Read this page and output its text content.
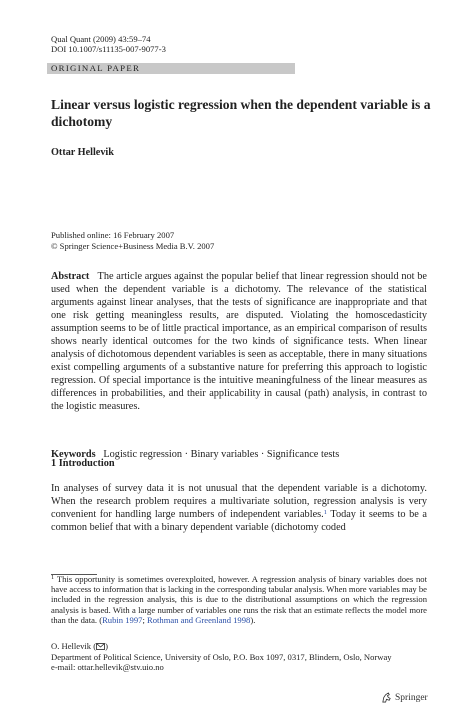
Qual Quant (2009) 43:59–74
DOI 10.1007/s11135-007-9077-3
ORIGINAL PAPER
Linear versus logistic regression when the dependent variable is a dichotomy
Ottar Hellevik
Published online: 16 February 2007
© Springer Science+Business Media B.V. 2007
Abstract The article argues against the popular belief that linear regression should not be used when the dependent variable is a dichotomy. The relevance of the statistical arguments against linear analyses, that the tests of significance are inappropriate and that one risk getting meaningless results, are disputed. Violating the homoscedasticity assumption seems to be of little practical importance, as an empirical comparison of results shows nearly identical outcomes for the two kinds of significance tests. When linear analysis of dichotomous dependent variables is seen as acceptable, there in many situations exist compelling arguments of a substantive nature for preferring this approach to logistic regression. Of special importance is the intuitive meaningfulness of the linear measures as differences in probabilities, and their applicability in causal (path) analysis, in contrast to the logistic measures.
Keywords Logistic regression · Binary variables · Significance tests
1 Introduction
In analyses of survey data it is not unusual that the dependent variable is a dichotomy. When the research problem requires a multivariate solution, regression analysis is very convenient for handling large numbers of independent variables.$^1$ Today it seems to be a common belief that with a binary dependent variable (dichotomy coded
$^1$ This opportunity is sometimes overexploited, however. A regression analysis of binary variables does not have access to information that is lacking in the corresponding tabular analysis. When more variables may be included in the regression analysis, this is due to the distributional assumptions on which the regression analysis is based. With a large number of variables one runs the risk that an estimate reflects the model more than the data. (Rubin 1997; Rothman and Greenland 1998).
O. Hellevik ( )
Department of Political Science, University of Oslo, P.O. Box 1097, 0317, Blindern, Oslo, Norway
e-mail: ottar.hellevik@stv.uio.no
Springer
